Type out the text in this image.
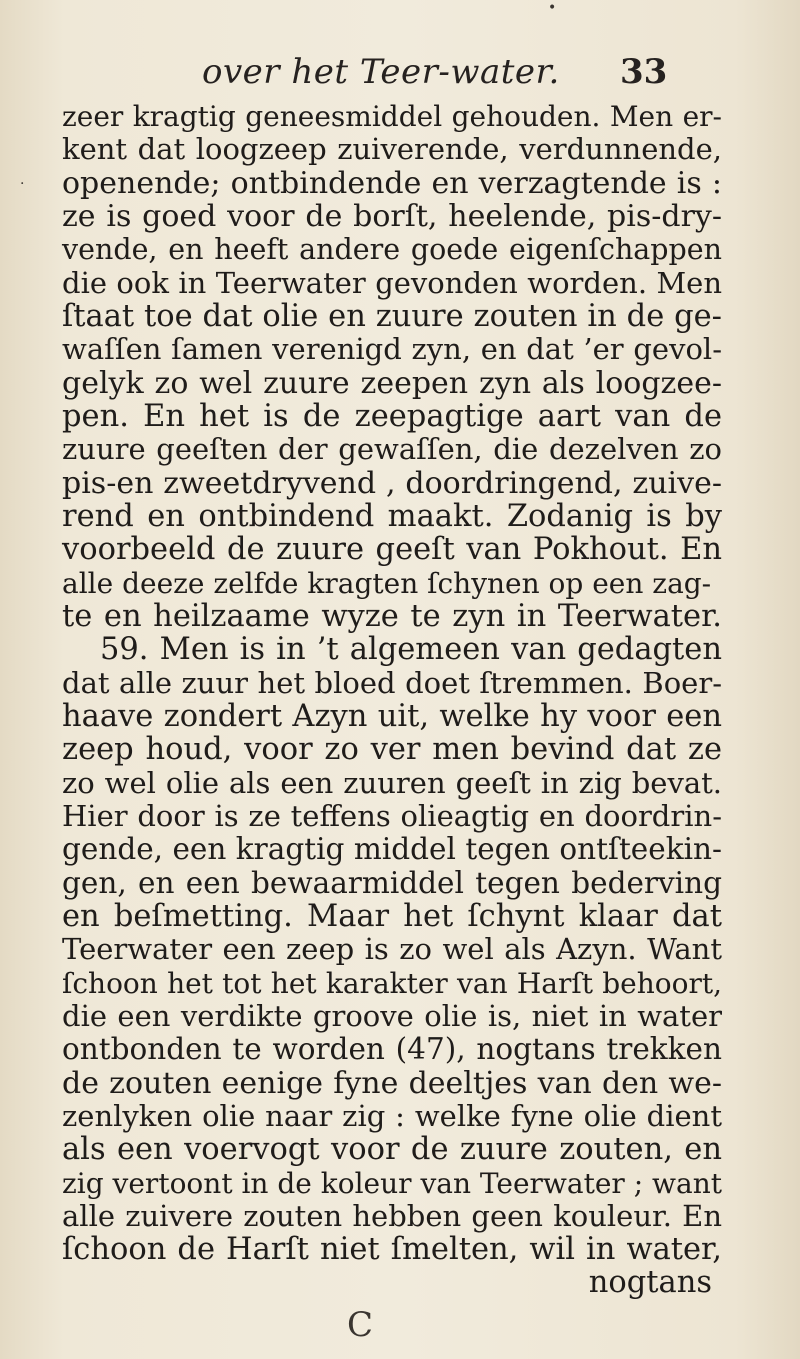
over het Teer-water. 33
•
·
zeer kragtig geneesmiddel gehouden. Men er-
kent dat loogzeep zuiverende, verdunnende,
openende; ontbindende en verzagtende is :
ze is goed voor de borſt, heelende, pis-dry-
vende, en heeft andere goede eigenſchappen
die ook in Teerwater gevonden worden. Men
ſtaat toe dat olie en zuure zouten in de ge-
waſſen ſamen verenigd zyn, en dat ’er gevol-
gelyk zo wel zuure zeepen zyn als loogzee-
pen. En het is de zeepagtige aart van de
zuure geeſten der gewaſſen, die dezelven zo
pis-en zweetdryvend , doordringend, zuive-
rend en ontbindend maakt. Zodanig is by
voorbeeld de zuure geeſt van Pokhout. En
alle deeze zelfde kragten ſchynen op een zag-
te en heilzaame wyze te zyn in Teerwater.
59. Men is in ’t algemeen van gedagten
dat alle zuur het bloed doet ſtremmen. Boer-
haave zondert Azyn uit, welke hy voor een
zeep houd, voor zo ver men bevind dat ze
zo wel olie als een zuuren geeſt in zig bevat.
Hier door is ze teffens olieagtig en doordrin-
gende, een kragtig middel tegen ontſteekin-
gen, en een bewaarmiddel tegen bederving
en beſmetting. Maar het ſchynt klaar dat
Teerwater een zeep is zo wel als Azyn. Want
ſchoon het tot het karakter van Harſt behoort,
die een verdikte groove olie is, niet in water
ontbonden te worden (47), nogtans trekken
de zouten eenige fyne deeltjes van den we-
zenlyken olie naar zig : welke fyne olie dient
als een voervogt voor de zuure zouten, en
zig vertoont in de koleur van Teerwater ; want
alle zuivere zouten hebben geen kouleur. En
ſchoon de Harſt niet ſmelten, wil in water,
nogtans
C
